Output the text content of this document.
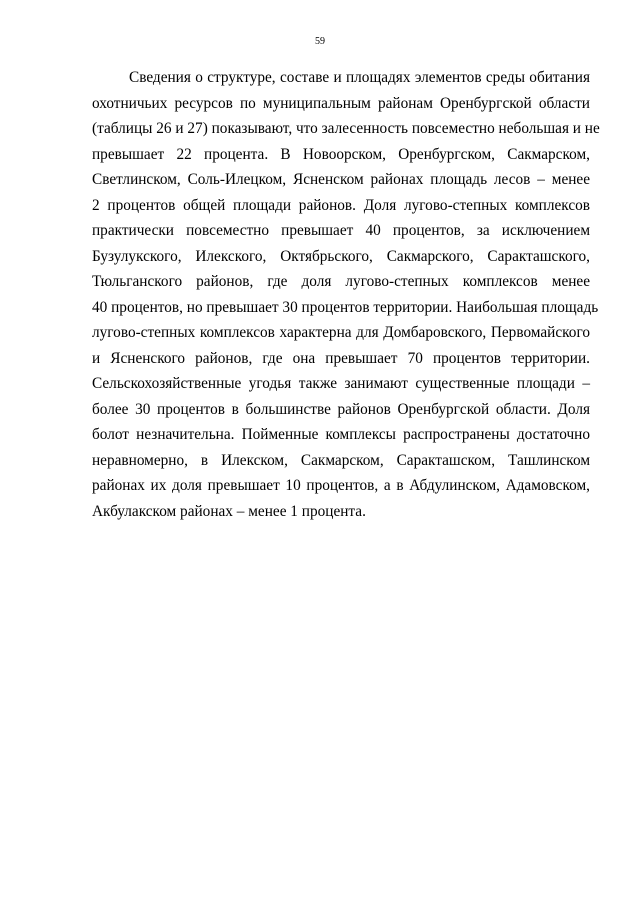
59
Сведения о структуре, составе и площадях элементов среды обитания
охотничьих ресурсов по муниципальным районам Оренбургской области
(таблицы 26 и 27) показывают, что залесенность повсеместно небольшая и не
превышает 22 процента. В Новоорском, Оренбургском, Сакмарском,
Светлинском, Соль-Илецком, Ясненском районах площадь лесов – менее
2 процентов общей площади районов. Доля лугово-степных комплексов
практически повсеместно превышает 40 процентов, за исключением
Бузулукского, Илекского, Октябрьского, Сакмарского, Саракташского,
Тюльганского районов, где доля лугово-степных комплексов менее
40 процентов, но превышает 30 процентов территории. Наибольшая площадь
лугово-степных комплексов характерна для Домбаровского, Первомайского
и Ясненского районов, где она превышает 70 процентов территории.
Сельскохозяйственные угодья также занимают существенные площади –
более 30 процентов в большинстве районов Оренбургской области. Доля
болот незначительна. Пойменные комплексы распространены достаточно
неравномерно, в Илекском, Сакмарском, Саракташском, Ташлинском
районах их доля превышает 10 процентов, а в Абдулинском, Адамовском,
Акбулакском районах – менее 1 процента.
